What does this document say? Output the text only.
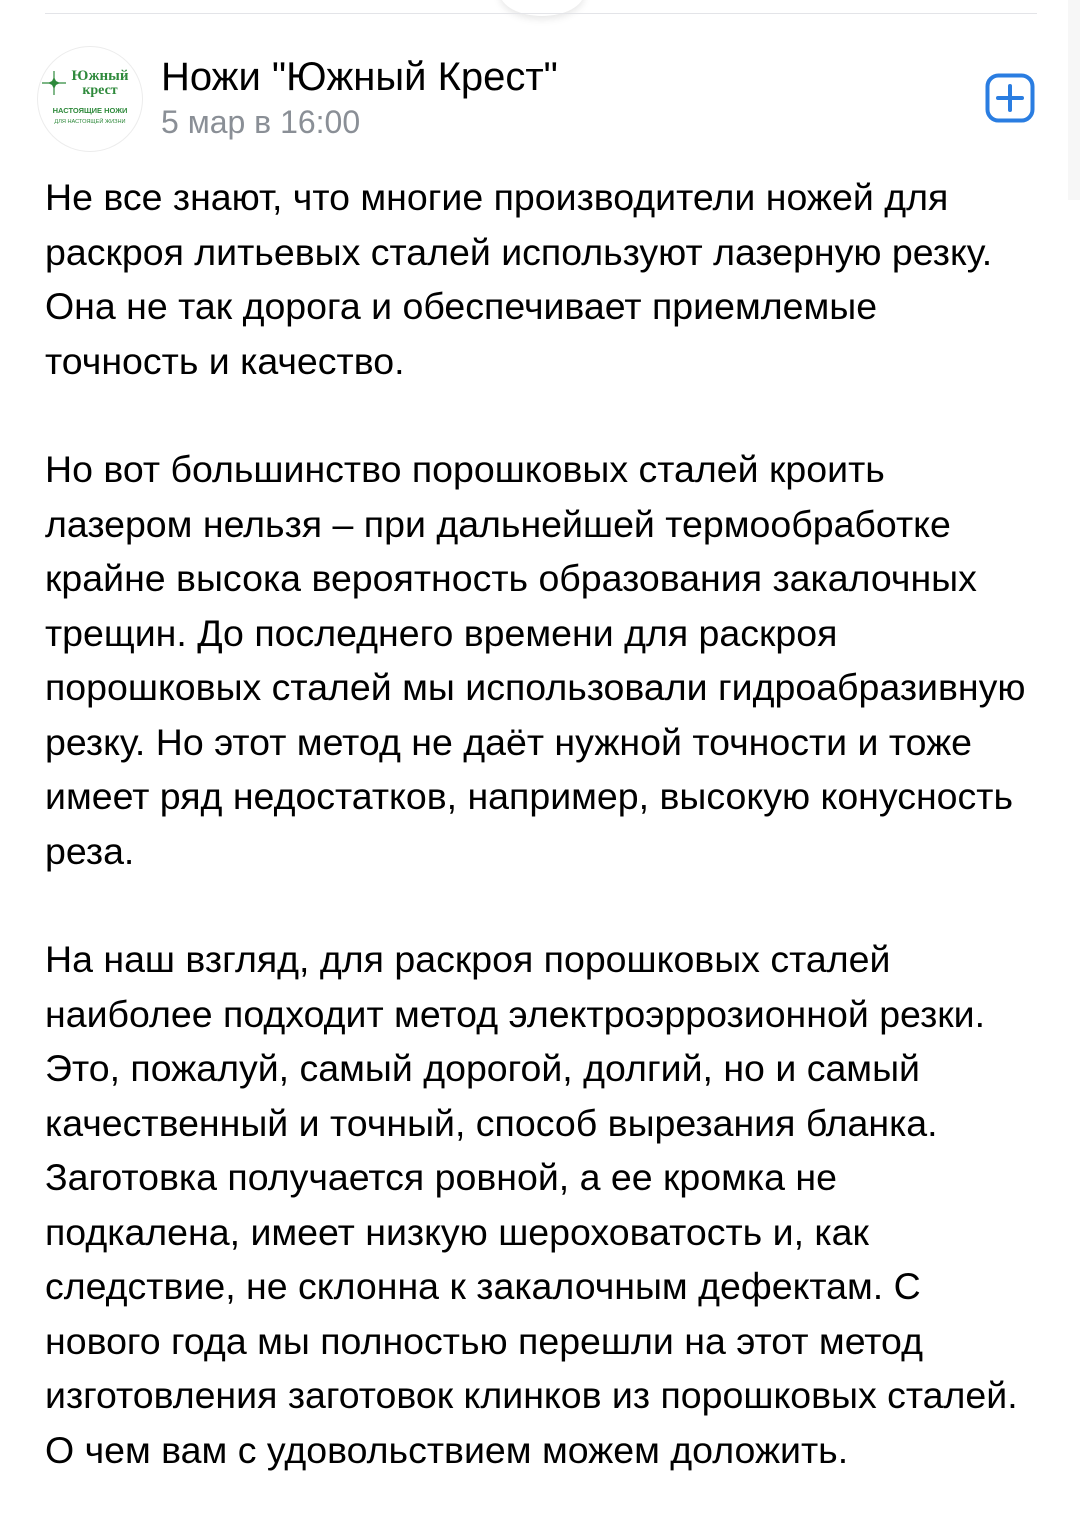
Южный
крест
НАСТОЯЩИЕ НОЖИ
ДЛЯ НАСТОЯЩЕЙ ЖИЗНИ
Ножи "Южный Крест"
5 мар в 16:00

Не все знают, что многие производители ножей для раскроя литьевых сталей используют лазерную резку. Она не так дорога и обеспечивает приемлемые точность и качество.

Но вот большинство порошковых сталей кроить лазером нельзя – при дальнейшей термообработке крайне высока вероятность образования закалочных трещин. До последнего времени для раскроя порошковых сталей мы использовали гидроабразивную резку. Но этот метод не даёт нужной точности и тоже имеет ряд недостатков, например, высокую конусность реза.

На наш взгляд, для раскроя порошковых сталей наиболее подходит метод электроэррозионной резки. Это, пожалуй, самый дорогой, долгий, но и самый качественный и точный, способ вырезания бланка. Заготовка получается ровной, а ее кромка не подкалена, имеет низкую шероховатость и, как следствие, не склонна к закалочным дефектам. С нового года мы полностью перешли на этот метод изготовления заготовок клинков из порошковых сталей. О чем вам с удовольствием можем доложить.
